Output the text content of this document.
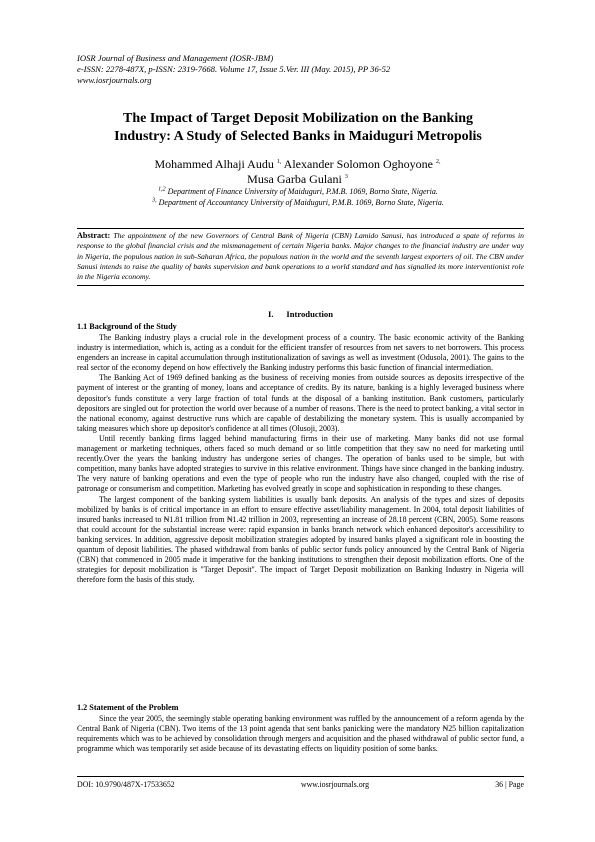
IOSR Journal of Business and Management (IOSR-JBM)
e-ISSN: 2278-487X, p-ISSN: 2319-7668. Volume 17, Issue 5.Ver. III (May. 2015), PP 36-52
www.iosrjournals.org
The Impact of Target Deposit Mobilization on the Banking
Industry: A Study of Selected Banks in Maiduguri Metropolis
Mohammed Alhaji Audu $^{1,}$ Alexander Solomon Oghoyone $^{2,}$
Musa Garba Gulani $^3$
$^{1,2}$ Department of Finance University of Maiduguri, P.M.B. 1069, Borno State, Nigeria.
$^{3,}$ Department of Accountancy University of Maiduguri, P.M.B. 1069, Borno State, Nigeria.
Abstract: The appointment of the new Governors of Central Bank of Nigeria (CBN) Lamido Sanusi, has introduced a spate of reforms in response to the global financial crisis and the mismanagement of certain Nigeria banks. Major changes to the financial industry are under way in Nigeria, the populous nation in sub-Saharan Africa, the populous nation in the world and the seventh largest exporters of oil. The CBN under Sanusi intends to raise the quality of banks supervision and bank operations to a world standard and has signalled its more interventionist role in the Nigeria economy.
I.      Introduction
1.1 Background of the Study

The Banking industry plays a crucial role in the development process of a country. The basic economic activity of the Banking industry is intermediation, which is, acting as a conduit for the efficient transfer of resources from net savers to net borrowers. This process engenders an increase in capital accumulation through institutionalization of savings as well as investment (Odusola, 2001). The gains to the real sector of the economy depend on how effectively the Banking industry performs this basic function of financial intermediation.

The Banking Act of 1969 defined banking as the business of receiving monies from outside sources as deposits irrespective of the payment of interest or the granting of money, loans and acceptance of credits. By its nature, banking is a highly leveraged business where depositor's funds constitute a very large fraction of total funds at the disposal of a banking institution. Bank customers, particularly depositors are singled out for protection the world over because of a number of reasons. There is the need to protect banking, a vital sector in the national economy, against destructive runs which are capable of destabilizing the monetary system. This is usually accompanied by taking measures which shore up depositor's confidence at all times (Olusoji, 2003).

Until recently banking firms lagged behind manufacturing firms in their use of marketing. Many banks did not use formal management or marketing techniques, others faced so much demand or so little competition that they saw no need for marketing until recently.Over the years the banking industry has undergone series of changes. The operation of banks used to be simple, but with competition, many banks have adopted strategies to survive in this relative environment. Things have since changed in the banking industry. The very nature of banking operations and even the type of people who run the industry have also changed, coupled with the rise of patronage or consumerism and competition. Marketing has evolved greatly in scope and sophistication in responding to these changes.

The largest component of the banking system liabilities is usually bank deposits. An analysis of the types and sizes of deposits mobilized by banks is of critical importance in an effort to ensure effective asset/liability management. In 2004, total deposit liabilities of insured banks increased to ₦1.81 trillion from ₦1.42 trillion in 2003, representing an increase of 28.18 percent (CBN, 2005). Some reasons that could account for the substantial increase were: rapid expansion in banks branch network which enhanced depositor's accessibility to banking services. In addition, aggressive deposit mobilization strategies adopted by insured banks played a significant role in boosting the quantum of deposit liabilities. The phased withdrawal from banks of public sector funds policy announced by the Central Bank of Nigeria (CBN) that commenced in 2005 made it imperative for the banking institutions to strengthen their deposit mobilization efforts. One of the strategies for deposit mobilization is "Target Deposit". The impact of Target Deposit mobilization on Banking Industry in Nigeria will therefore form the basis of this study.

1.2 Statement of the Problem

Since the year 2005, the seemingly stable operating banking environment was ruffled by the announcement of a reform agenda by the Central Bank of Nigeria (CBN). Two items of the 13 point agenda that sent banks panicking were the mandatory ₦25 billion capitalization requirements which was to be achieved by consolidation through mergers and acquisition and the phased withdrawal of public sector fund, a programme which was temporarily set aside because of its devastating effects on liquidity position of some banks.

DOI: 10.9790/487X-17533652	www.iosrjournals.org	36 | Page
